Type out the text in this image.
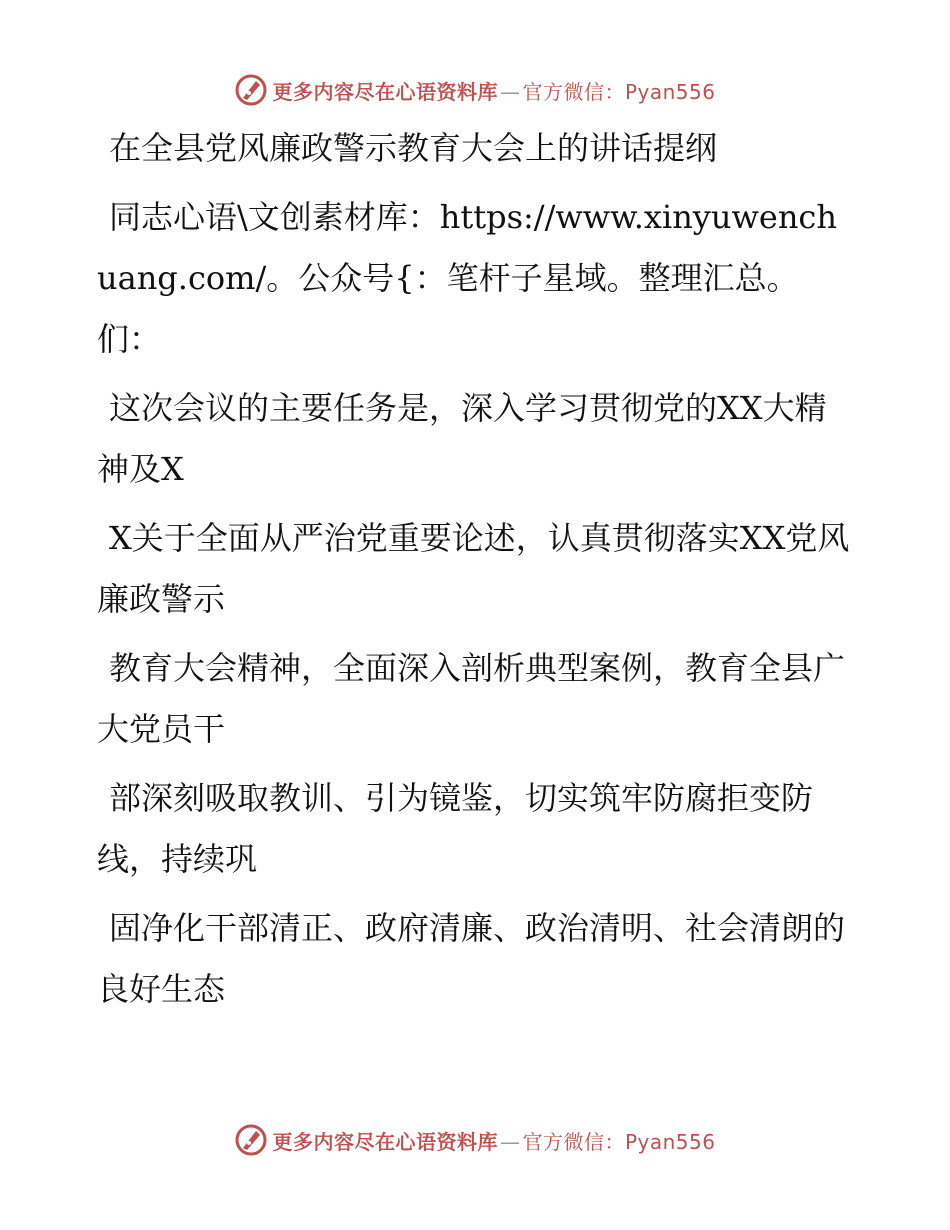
更多内容尽在心语资料库 — 官方微信：Pyan556

在全县党风廉政警示教育大会上的讲话提纲

同志心语\文创素材库：https://www.xinyuwenchuang.com/。公众号{：笔杆子星域。整理汇总。们：

这次会议的主要任务是，深入学习贯彻党的XX大精神及X

X关于全面从严治党重要论述，认真贯彻落实XX党风廉政警示

教育大会精神，全面深入剖析典型案例，教育全县广大党员干

部深刻吸取教训、引为镜鉴，切实筑牢防腐拒变防线，持续巩

固净化干部清正、政府清廉、政治清明、社会清朗的良好生态

更多内容尽在心语资料库 — 官方微信：Pyan556
